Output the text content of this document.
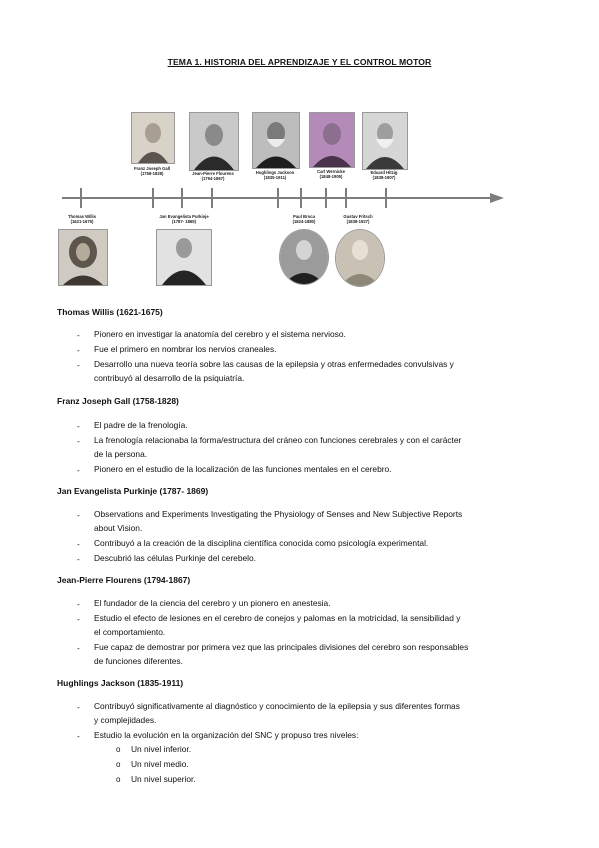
TEMA 1. HISTORIA DEL APRENDIZAJE Y EL CONTROL MOTOR
Franz Joseph Gall
(1758-1828)	Jean-Pierre Flourens
(1794-1867)
Hughlings Jackson
(1835-1911)
Carl Wernicke
(1848-1905)
Eduard Hitzig
(1838-1907)
Thomas Willis
(1621-1675)
Jan Evangelista Purkinje
(1787- 1869)
Paul Broca
(1824-1880)
Gustav Fritsch
(1838-1927)
Thomas Willis (1621-1675)
- Pionero en investigar la anatomía del cerebro y el sistema nervioso.
- Fue el primero en nombrar los nervios craneales.
- Desarrollo una nueva teoría sobre las causas de la epilepsia y otras enfermedades convulsivas y
contribuyó al desarrollo de la psiquiatría.
Franz Joseph Gall (1758-1828)
- El padre de la frenología.
- La frenología relacionaba la forma/estructura del cráneo con funciones cerebrales y con el carácter
de la persona.
- Pionero en el estudio de la localización de las funciones mentales en el cerebro.
Jan Evangelista Purkinje (1787- 1869)
- Observations and Experiments Investigating the Physiology of Senses and New Subjective Reports
about Vision.
- Contribuyó a la creación de la disciplina científica conocida como psicología experimental.
- Descubrió las células Purkinje del cerebelo.
Jean-Pierre Flourens (1794-1867)
- El fundador de la ciencia del cerebro y un pionero en anestesia.
- Estudio el efecto de lesiones en el cerebro de conejos y palomas en la motricidad, la sensibilidad y
el comportamiento.
- Fue capaz de demostrar por primera vez que las principales divisiones del cerebro son responsables
de funciones diferentes.
Hughlings Jackson (1835-1911)
- Contribuyó significativamente al diagnóstico y conocimiento de la epilepsia y sus diferentes formas
y complejidades.
- Estudio la evolución en la organización del SNC y propuso tres niveles:
o Un nivel inferior.
o Un nivel medio.
o Un nivel superior.
